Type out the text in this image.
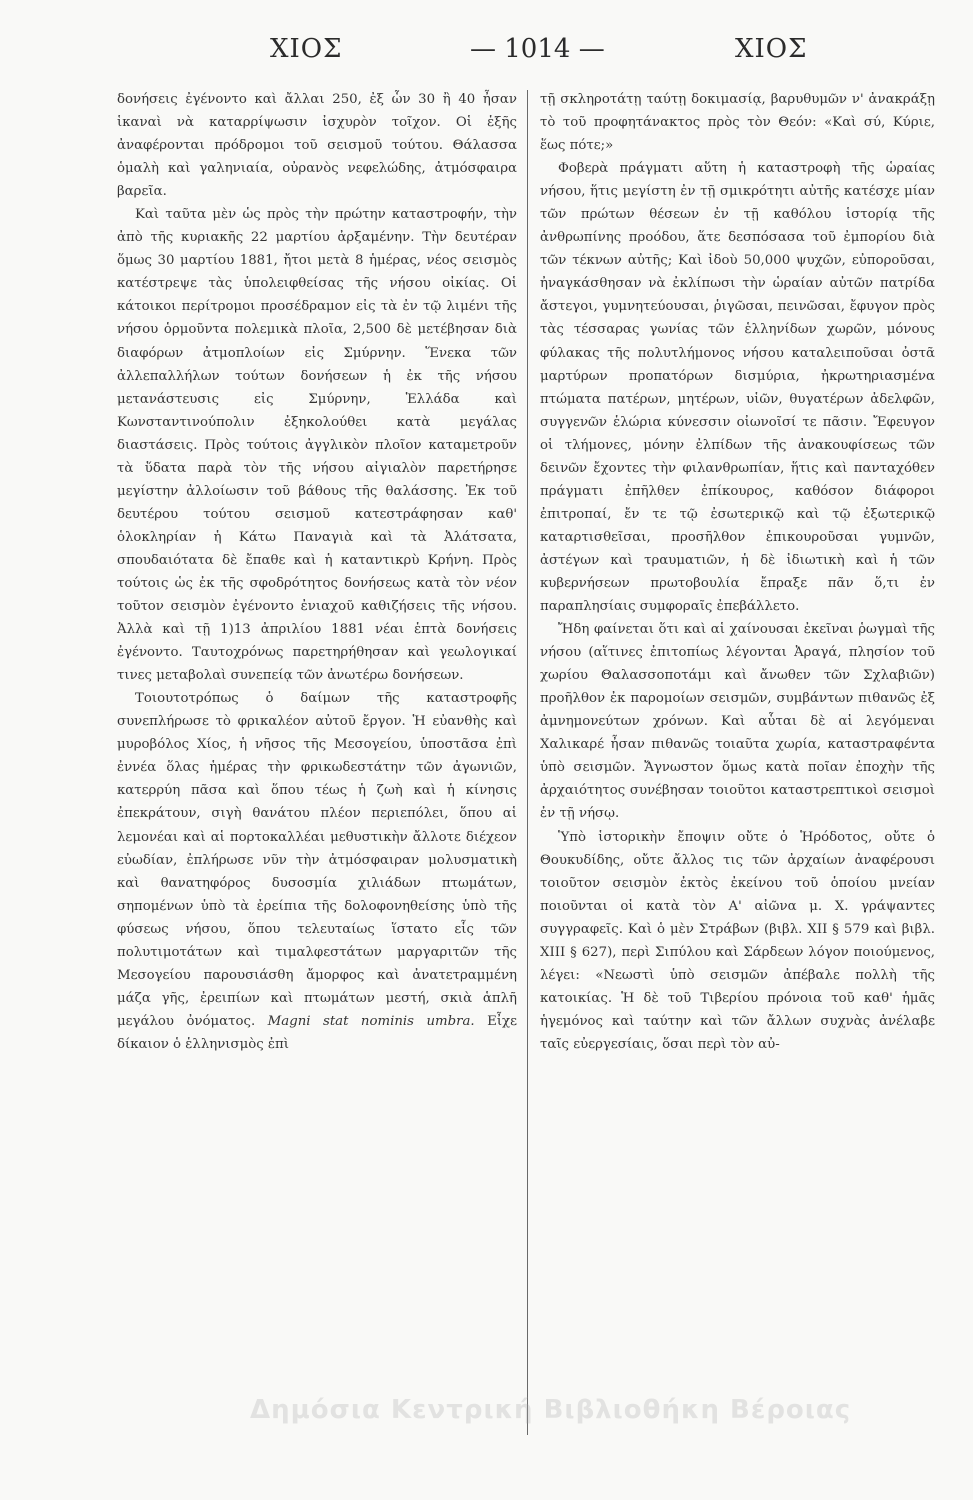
ΧΙΟΣ	— 1014 —	ΧΙΟΣ

δονήσεις ἐγένοντο καὶ ἄλλαι 250, ἐξ ὧν 30 ἢ 40 ἦσαν ἱκαναὶ νὰ καταρρίψωσιν ἰσχυρὸν τοῖχον. Οἱ ἑξῆς ἀναφέρονται πρόδρομοι τοῦ σεισμοῦ τούτου. Θάλασσα ὁμαλὴ καὶ γαληνιαία, οὐρανὸς νεφελώδης, ἀτμόσφαιρα βαρεῖα.

Καὶ ταῦτα μὲν ὡς πρὸς τὴν πρώτην καταστροφήν, τὴν ἀπὸ τῆς κυριακῆς 22 μαρτίου ἀρξαμένην. Τὴν δευτέραν ὅμως 30 μαρτίου 1881, ἤτοι μετὰ 8 ἡμέρας, νέος σεισμὸς κατέστρεψε τὰς ὑπολειφθείσας τῆς νήσου οἰκίας. Οἱ κάτοικοι περίτρομοι προσέδραμον εἰς τὰ ἐν τῷ λιμένι τῆς νήσου ὁρμοῦντα πολεμικὰ πλοῖα, 2,500 δὲ μετέβησαν διὰ διαφόρων ἀτμοπλοίων εἰς Σμύρνην. Ἕνεκα τῶν ἀλλεπαλλήλων τούτων δονήσεων ἡ ἐκ τῆς νήσου μετανάστευσις εἰς Σμύρνην, Ἑλλάδα καὶ Κωνσταντινούπολιν ἐξηκολούθει κατὰ μεγάλας διαστάσεις. Πρὸς τούτοις ἀγγλικὸν πλοῖον καταμετροῦν τὰ ὕδατα παρὰ τὸν τῆς νήσου αἰγιαλὸν παρετήρησε μεγίστην ἀλλοίωσιν τοῦ βάθους τῆς θαλάσσης. Ἐκ τοῦ δευτέρου τούτου σεισμοῦ κατεστράφησαν καθ' ὁλοκληρίαν ἡ Κάτω Παναγιὰ καὶ τὰ Ἀλάτσατα, σπουδαιότατα δὲ ἔπαθε καὶ ἡ καταντικρὺ Κρήνη. Πρὸς τούτοις ὡς ἐκ τῆς σφοδρότητος δονήσεως κατὰ τὸν νέον τοῦτον σεισμὸν ἐγένοντο ἐνιαχοῦ καθιζήσεις τῆς νήσου. Ἀλλὰ καὶ τῇ 1)13 ἀπριλίου 1881 νέαι ἑπτὰ δονήσεις ἐγένοντο. Ταυτοχρόνως παρετηρήθησαν καὶ γεωλογικαί τινες μεταβολαὶ συνεπείᾳ τῶν ἀνωτέρω δονήσεων.

Τοιουτοτρόπως ὁ δαίμων τῆς καταστροφῆς συνεπλήρωσε τὸ φρικαλέον αὐτοῦ ἔργον. Ἡ εὐανθὴς καὶ μυροβόλος Χίος, ἡ νῆσος τῆς Μεσογείου, ὑποστᾶσα ἐπὶ ἐννέα ὅλας ἡμέρας τὴν φρικωδεστάτην τῶν ἀγωνιῶν, κατερρύη πᾶσα καὶ ὅπου τέως ἡ ζωὴ καὶ ἡ κίνησις ἐπεκράτουν, σιγὴ θανάτου πλέον περιεπόλει, ὅπου αἱ λεμονέαι καὶ αἱ πορτοκαλλέαι μεθυστικὴν ἄλλοτε διέχεον εὐωδίαν, ἐπλήρωσε νῦν τὴν ἀτμόσφαιραν μολυσματικὴ καὶ θανατηφόρος δυσοσμία χιλιάδων πτωμάτων, σηπομένων ὑπὸ τὰ ἐρείπια τῆς δολοφονηθείσης ὑπὸ τῆς φύσεως νήσου, ὅπου τελευταίως ἵστατο εἷς τῶν πολυτιμοτάτων καὶ τιμαλφεστάτων μαργαριτῶν τῆς Μεσογείου παρουσιάσθη ἄμορφος καὶ ἀνατετραμμένη μάζα γῆς, ἐρειπίων καὶ πτωμάτων μεστή, σκιὰ ἁπλῆ μεγάλου ὀνόματος. Magni stat nominis umbra. Εἶχε δίκαιον ὁ ἑλληνισμὸς ἐπὶ

τῇ σκληροτάτῃ ταύτῃ δοκιμασίᾳ, βαρυθυμῶν ν' ἀνακράξῃ τὸ τοῦ προφητάνακτος πρὸς τὸν Θεόν: «Καὶ σύ, Κύριε, ἕως πότε;»

Φοβερὰ πράγματι αὕτη ἡ καταστροφὴ τῆς ὡραίας νήσου, ἥτις μεγίστη ἐν τῇ σμικρότητι αὐτῆς κατέσχε μίαν τῶν πρώτων θέσεων ἐν τῇ καθόλου ἱστορίᾳ τῆς ἀνθρωπίνης προόδου, ἅτε δεσπόσασα τοῦ ἐμπορίου διὰ τῶν τέκνων αὐτῆς; Καὶ ἰδοὺ 50,000 ψυχῶν, εὐποροῦσαι, ἠναγκάσθησαν νὰ ἐκλίπωσι τὴν ὡραίαν αὐτῶν πατρίδα ἄστεγοι, γυμνητεύουσαι, ῥιγῶσαι, πεινῶσαι, ἔφυγον πρὸς τὰς τέσσαρας γωνίας τῶν ἑλληνίδων χωρῶν, μόνους φύλακας τῆς πολυτλήμονος νήσου καταλειποῦσαι ὀστᾶ μαρτύρων προπατόρων δισμύρια, ἠκρωτηριασμένα πτώματα πατέρων, μητέρων, υἱῶν, θυγατέρων ἀδελφῶν, συγγενῶν ἑλώρια κύνεσσιν οἰωνοῖσί τε πᾶσιν. Ἔφευγον οἱ τλήμονες, μόνην ἐλπίδων τῆς ἀνακουφίσεως τῶν δεινῶν ἔχοντες τὴν φιλανθρωπίαν, ἥτις καὶ πανταχόθεν πράγματι ἐπῆλθεν ἐπίκουρος, καθόσον διάφοροι ἐπιτροπαί, ἔν τε τῷ ἐσωτερικῷ καὶ τῷ ἐξωτερικῷ καταρτισθεῖσαι, προσῆλθον ἐπικουροῦσαι γυμνῶν, ἀστέγων καὶ τραυματιῶν, ἡ δὲ ἰδιωτικὴ καὶ ἡ τῶν κυβερνήσεων πρωτοβουλία ἔπραξε πᾶν ὅ,τι ἐν παραπλησίαις συμφοραῖς ἐπεβάλλετο.

Ἤδη φαίνεται ὅτι καὶ αἱ χαίνουσαι ἐκεῖναι ῥωγμαὶ τῆς νήσου (αἵτινες ἐπιτοπίως λέγονται Ἀραγά, πλησίον τοῦ χωρίου Θαλασσοποτάμι καὶ ἄνωθεν τῶν Σχλαβιῶν) προῆλθον ἐκ παρομοίων σεισμῶν, συμβάντων πιθανῶς ἐξ ἀμνημονεύτων χρόνων. Καὶ αὗται δὲ αἱ λεγόμεναι Χαλικαρέ ἦσαν πιθανῶς τοιαῦτα χωρία, καταστραφέντα ὑπὸ σεισμῶν. Ἄγνωστον ὅμως κατὰ ποῖαν ἐποχὴν τῆς ἀρχαιότητος συνέβησαν τοιοῦτοι καταστρεπτικοὶ σεισμοὶ ἐν τῇ νήσῳ.

Ὑπὸ ἱστορικὴν ἔποψιν οὔτε ὁ Ἡρόδοτος, οὔτε ὁ Θουκυδίδης, οὔτε ἄλλος τις τῶν ἀρχαίων ἀναφέρουσι τοιοῦτον σεισμὸν ἐκτὸς ἐκείνου τοῦ ὁποίου μνείαν ποιοῦνται οἱ κατὰ τὸν Α' αἰῶνα μ. Χ. γράψαντες συγγραφεῖς. Καὶ ὁ μὲν Στράβων (βιβλ. XII § 579 καὶ βιβλ. XIII § 627), περὶ Σιπύλου καὶ Σάρδεων λόγον ποιούμενος, λέγει: «Νεωστὶ ὑπὸ σεισμῶν ἀπέβαλε πολλὴ τῆς κατοικίας. Ἡ δὲ τοῦ Τιβερίου πρόνοια τοῦ καθ' ἡμᾶς ἡγεμόνος καὶ ταύτην καὶ τῶν ἄλλων συχνὰς ἀνέλαβε ταῖς εὐεργεσίαις, ὅσαι περὶ τὸν αὐ-

Δημόσια Κεντρική Βιβλιοθήκη Βέροιας
